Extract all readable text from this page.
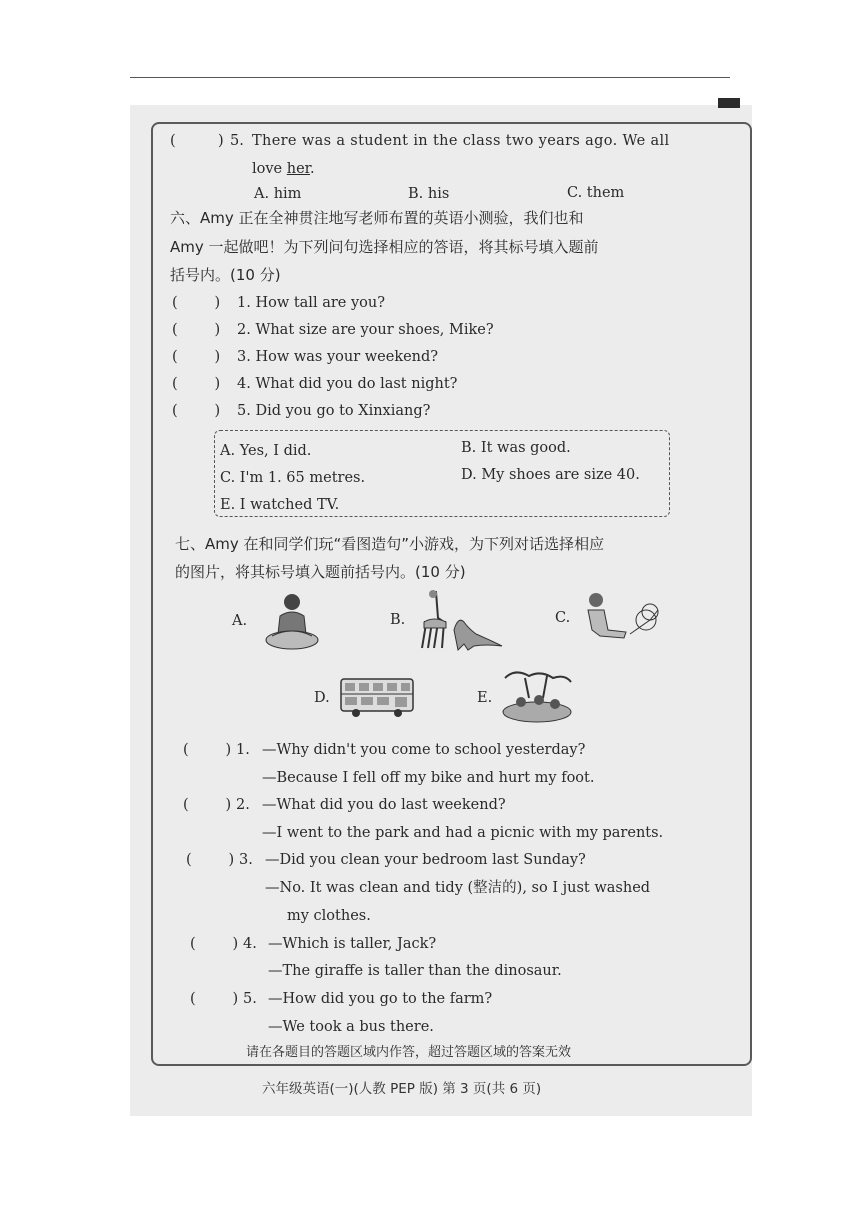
(	) 5. There was a student in the class two years ago. We all
love her.
A. him	B. his	C. them
六、Amy 正在全神贯注地写老师布置的英语小测验，我们也和
Amy 一起做吧！为下列问句选择相应的答语，将其标号填入题前
括号内。(10 分)
(        ) 1. How tall are you?
(        ) 2. What size are your shoes, Mike?
(        ) 3. How was your weekend?
(        ) 4. What did you do last night?
(        ) 5. Did you go to Xinxiang?
A. Yes, I did.	B. It was good.
C. I'm 1. 65 metres.	D. My shoes are size 40.
E. I watched TV.
七、Amy 在和同学们玩“看图造句”小游戏，为下列对话选择相应
的图片，将其标号填入题前括号内。(10 分)
A.	B.	C.
D.	E.
(        ) 1. —Why didn't you come to school yesterday?
—Because I fell off my bike and hurt my foot.
(        ) 2. —What did you do last weekend?
—I went to the park and had a picnic with my parents.
(        ) 3. —Did you clean your bedroom last Sunday?
—No. It was clean and tidy (整洁的), so I just washed
my clothes.
(        ) 4. —Which is taller, Jack?
—The giraffe is taller than the dinosaur.
(        ) 5. —How did you go to the farm?
—We took a bus there.
请在各题目的答题区域内作答，超过答题区域的答案无效
六年级英语(一)(人教 PEP 版) 第 3 页(共 6 页)
